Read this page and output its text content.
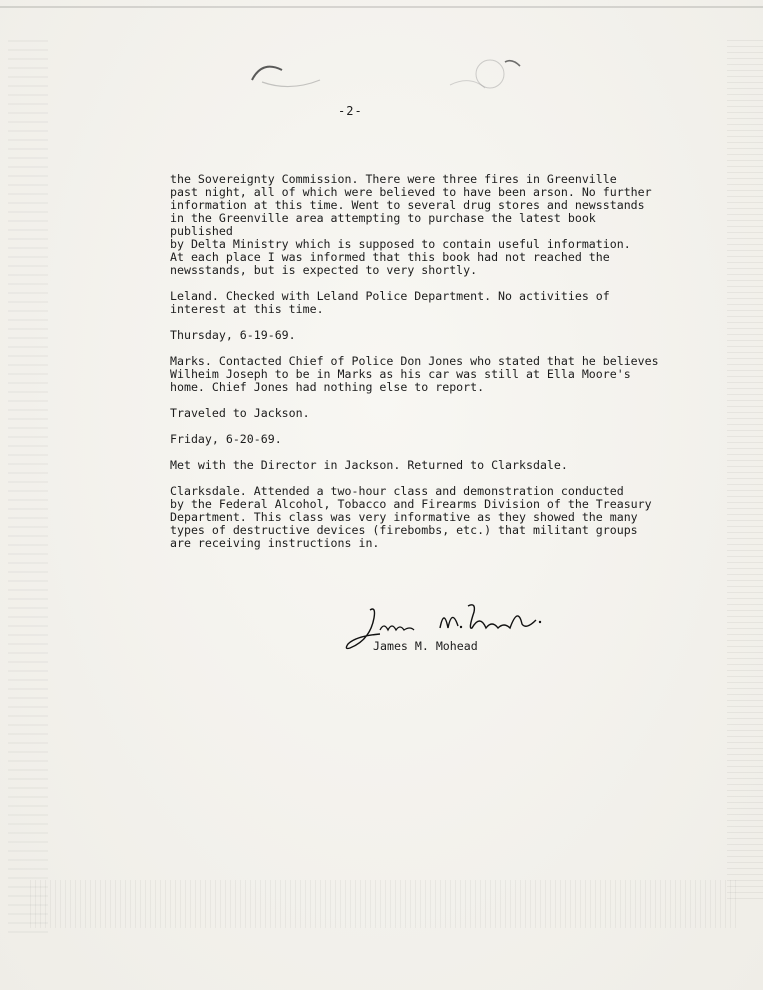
-2-

the Sovereignty Commission. There were three fires in Greenville
past night, all of which were believed to have been arson. No further
information at this time. Went to several drug stores and newsstands
in the Greenville area attempting to purchase the latest book published
by Delta Ministry which is supposed to contain useful information.
At each place I was informed that this book had not reached the
newsstands, but is expected to very shortly.

Leland. Checked with Leland Police Department. No activities of
interest at this time.

Thursday, 6-19-69.

Marks. Contacted Chief of Police Don Jones who stated that he believes
Wilheim Joseph to be in Marks as his car was still at Ella Moore's
home. Chief Jones had nothing else to report.

Traveled to Jackson.

Friday, 6-20-69.

Met with the Director in Jackson. Returned to Clarksdale.

Clarksdale. Attended a two-hour class and demonstration conducted
by the Federal Alcohol, Tobacco and Firearms Division of the Treasury
Department. This class was very informative as they showed the many
types of destructive devices (firebombs, etc.) that militant groups
are receiving instructions in.

James M. Mohead
